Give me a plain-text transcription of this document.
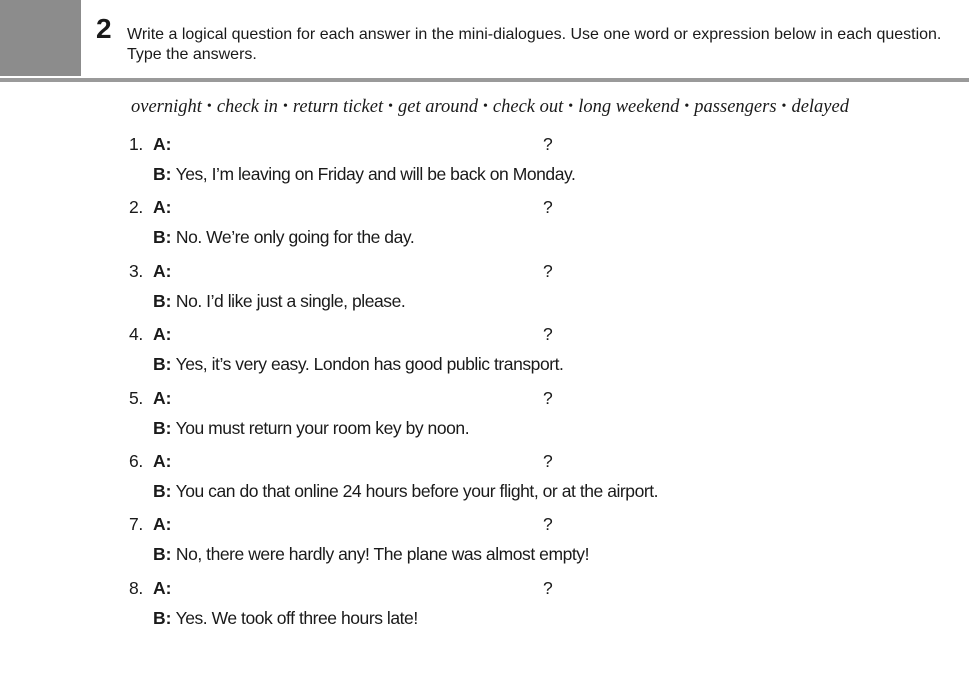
2 Write a logical question for each answer in the mini-dialogues. Use one word or expression below in each question. Type the answers.
overnight • check in • return ticket • get around • check out • long weekend • passengers • delayed
1. A:	?
B: Yes, I’m leaving on Friday and will be back on Monday.
2. A:	?
B: No. We’re only going for the day.
3. A:	?
B: No. I’d like just a single, please.
4. A:	?
B: Yes, it’s very easy. London has good public transport.
5. A:	?
B: You must return your room key by noon.
6. A:	?
B: You can do that online 24 hours before your flight, or at the airport.
7. A:	?
B: No, there were hardly any! The plane was almost empty!
8. A:	?
B: Yes. We took off three hours late!
